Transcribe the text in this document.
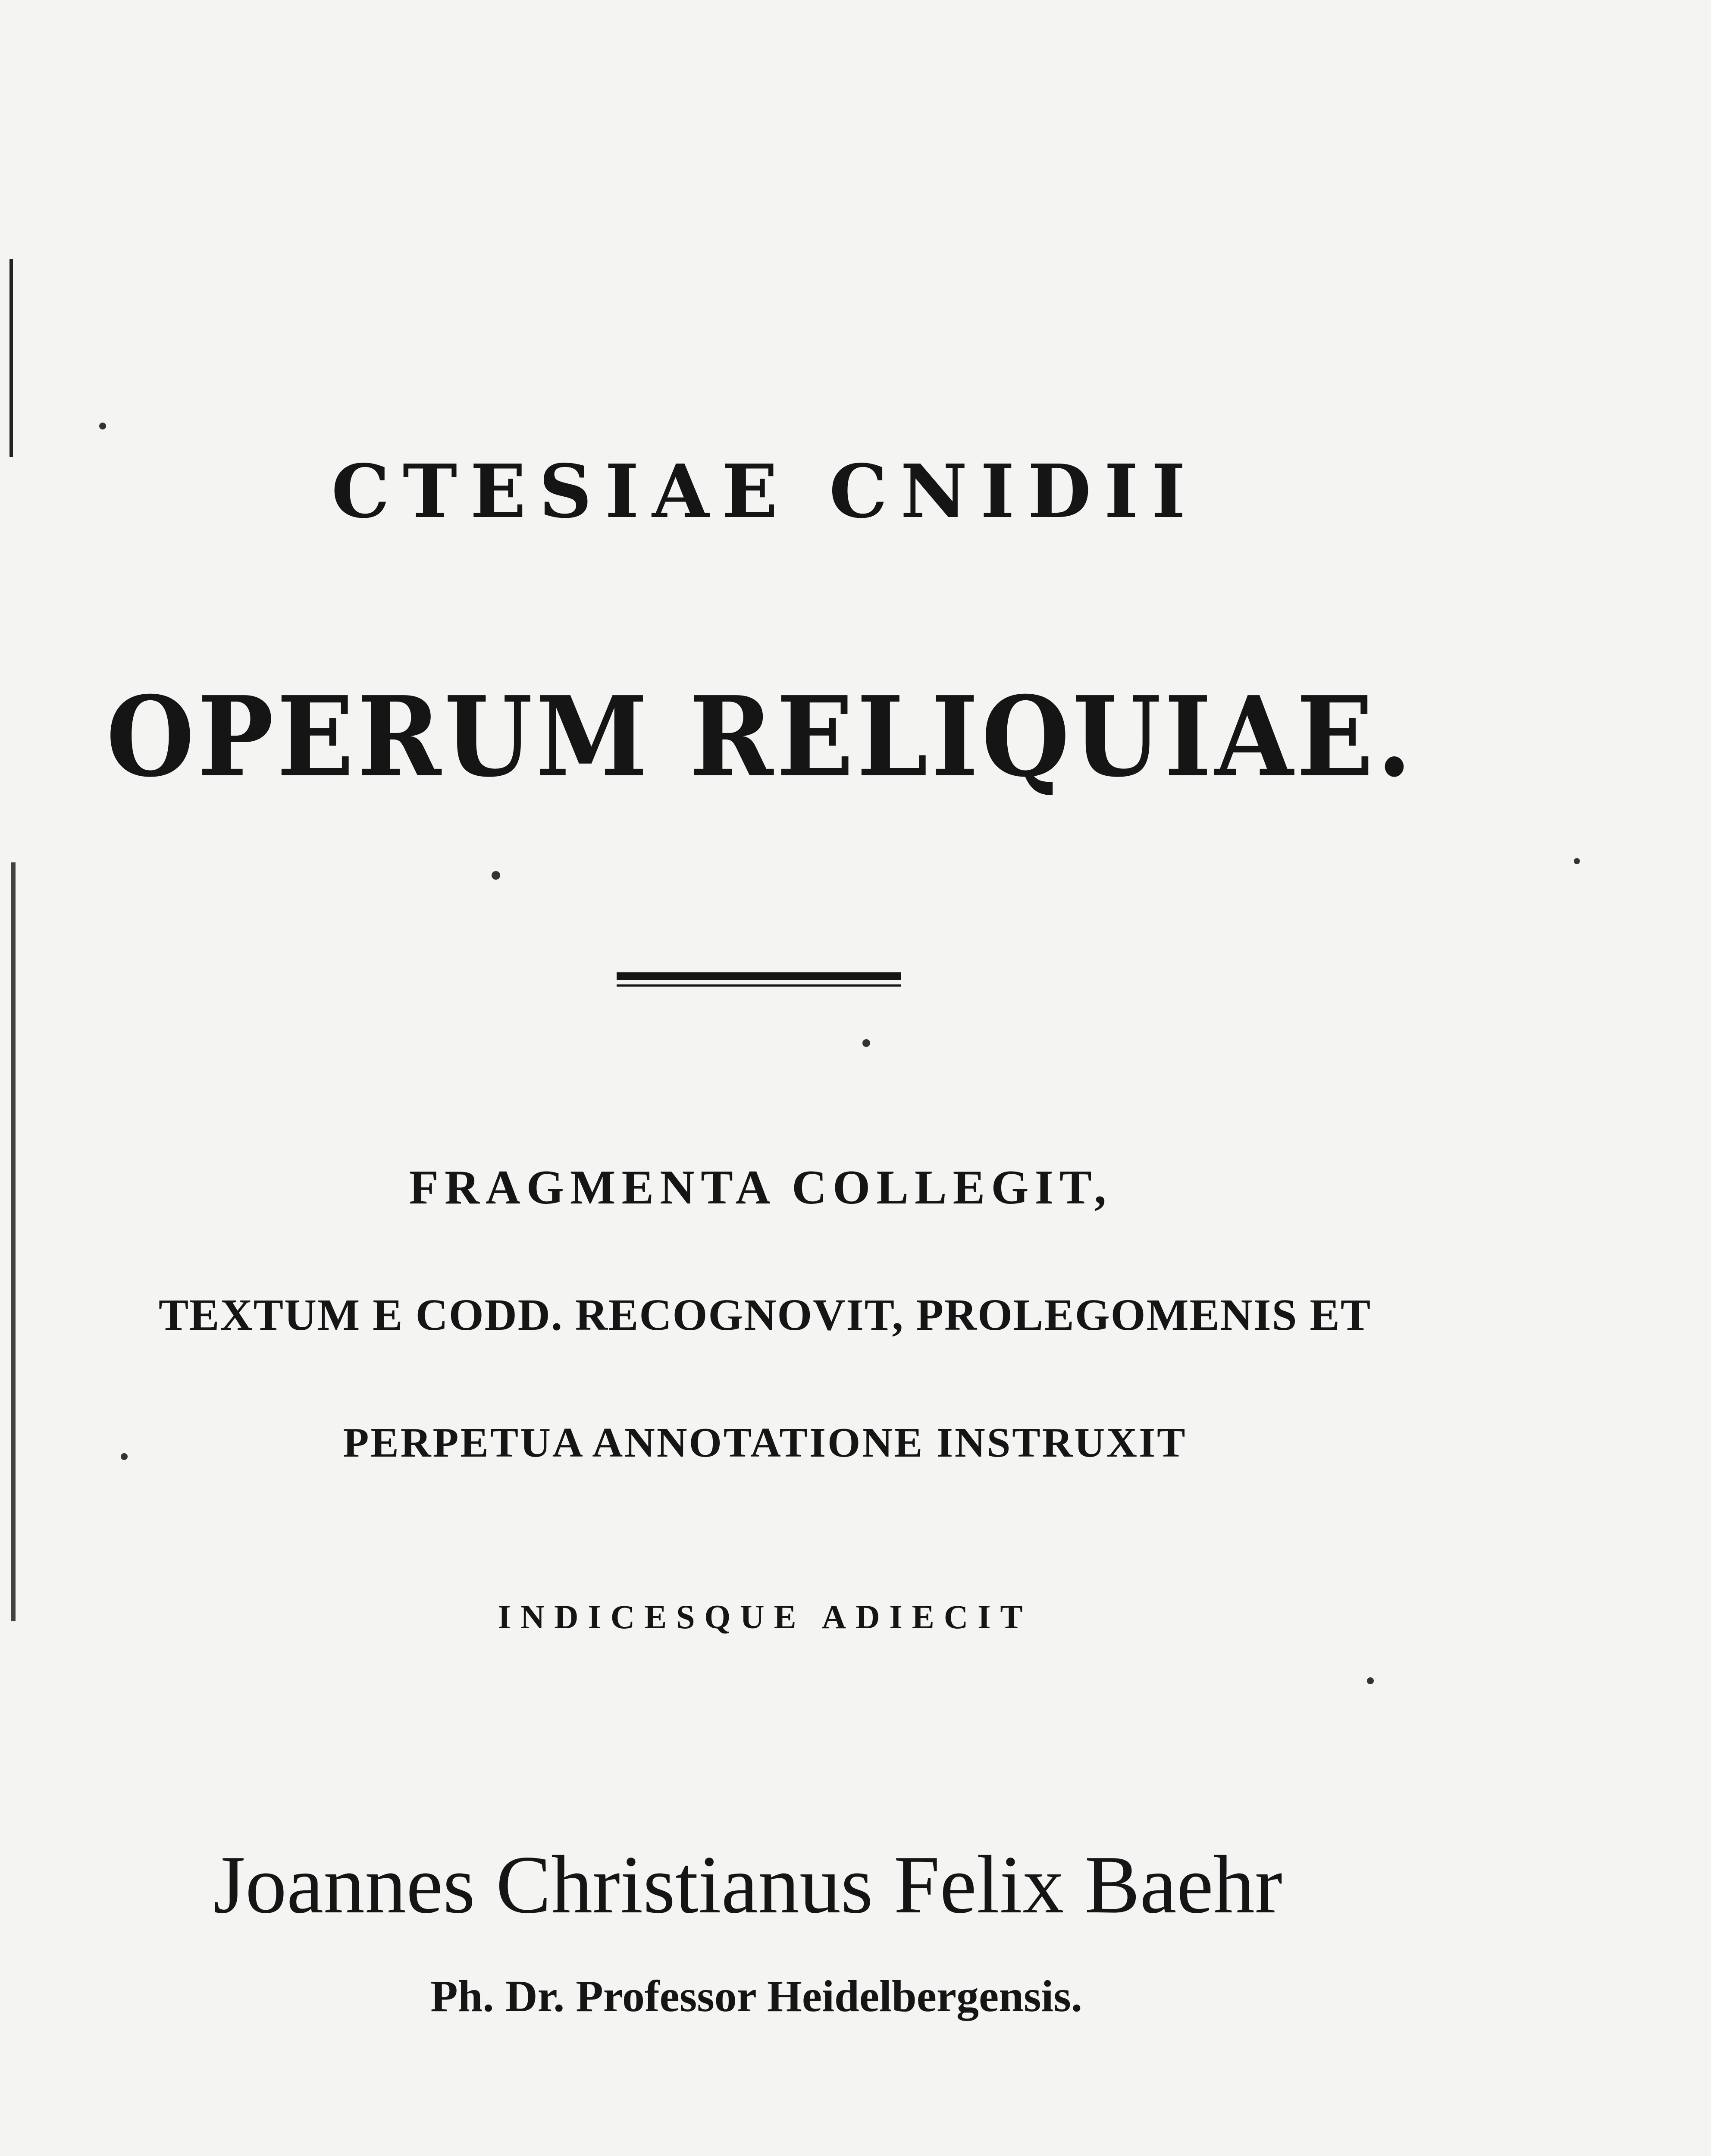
CTESIAE CNIDII
OPERUM RELIQUIAE.
FRAGMENTA COLLEGIT,
TEXTUM E CODD. RECOGNOVIT, PROLEGOMENIS ET
PERPETUA ANNOTATIONE INSTRUXIT
INDICESQUE ADIECIT
Joannes Christianus Felix Baehr
Ph. Dr. Professor Heidelbergensis.
